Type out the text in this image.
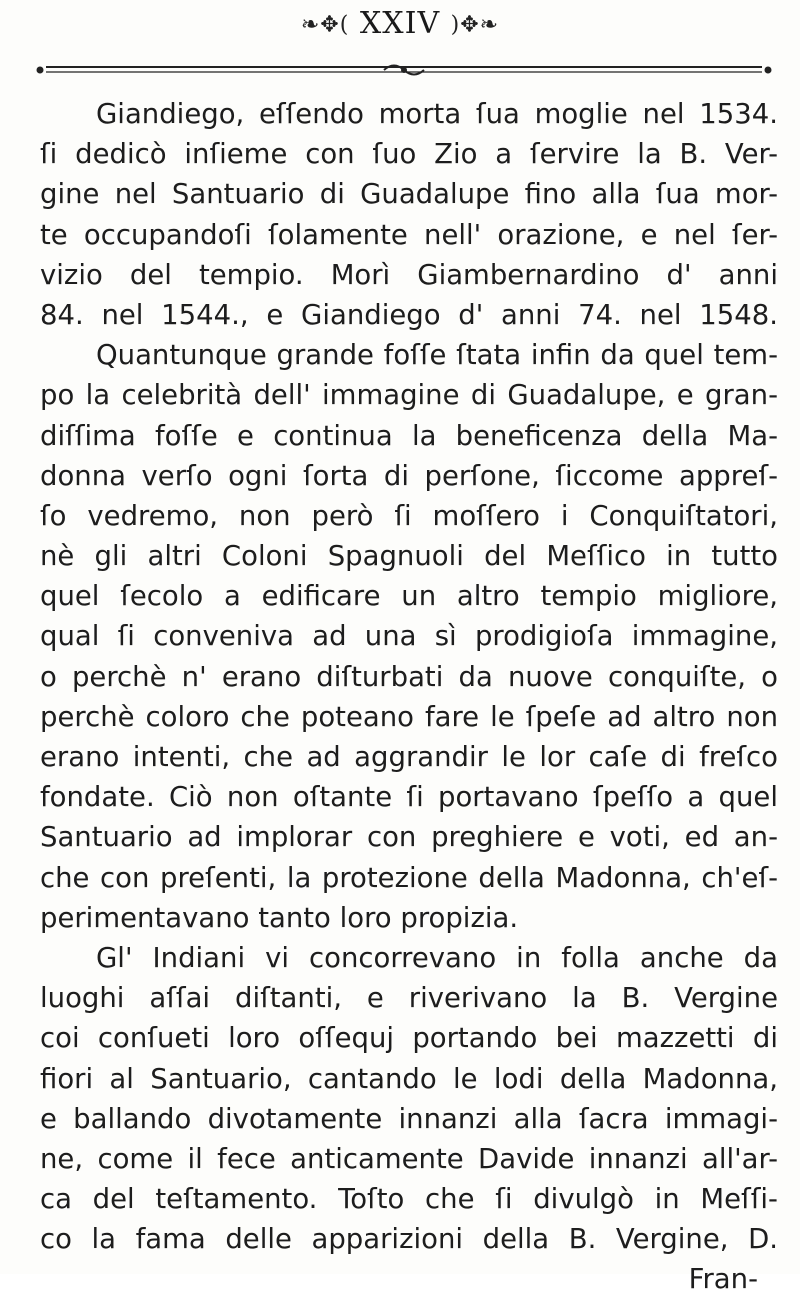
❧✥( XXIV )✥❧
Giandiego, eſſendo morta ſua moglie nel 1534.
ſi dedicò inſieme con ſuo Zio a ſervire la B. Ver-
gine nel Santuario di Guadalupe fino alla ſua mor-
te occupandoſi ſolamente nell' orazione, e nel ſer-
vizio del tempio. Morì Giambernardino d' anni
84. nel 1544., e Giandiego d' anni 74. nel 1548.
Quantunque grande foſſe ſtata infin da quel tem-
po la celebrità dell' immagine di Guadalupe, e gran-
diſſima foſſe e continua la beneficenza della Ma-
donna verſo ogni ſorta di perſone, ſiccome appreſ-
ſo vedremo, non però ſi moſſero i Conquiſtatori,
nè gli altri Coloni Spagnuoli del Meſſico in tutto
quel ſecolo a edificare un altro tempio migliore,
qual ſi conveniva ad una sì prodigioſa immagine,
o perchè n' erano diſturbati da nuove conquiſte, o
perchè coloro che poteano fare le ſpeſe ad altro non
erano intenti, che ad aggrandir le lor caſe di freſco
fondate. Ciò non oſtante ſi portavano ſpeſſo a quel
Santuario ad implorar con preghiere e voti, ed an-
che con preſenti, la protezione della Madonna, ch'eſ-
perimentavano tanto loro propizia.
Gl' Indiani vi concorrevano in folla anche da
luoghi aſſai diſtanti, e riverivano la B. Vergine
coi conſueti loro oſſequj portando bei mazzetti di
fiori al Santuario, cantando le lodi della Madonna,
e ballando divotamente innanzi alla ſacra immagi-
ne, come il fece anticamente Davide innanzi all'ar-
ca del teſtamento. Toſto che ſi divulgò in Meſſi-
co la fama delle apparizioni della B. Vergine, D.
Fran-
